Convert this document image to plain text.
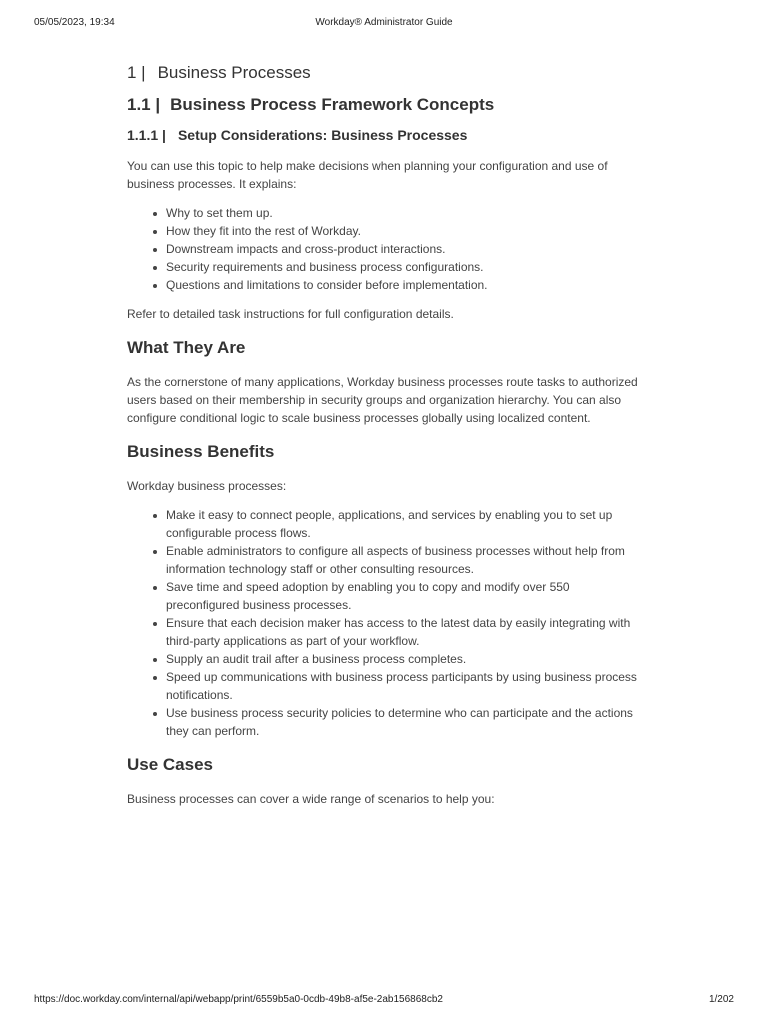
05/05/2023, 19:34	Workday® Administrator Guide
1 | Business Processes
1.1 | Business Process Framework Concepts
1.1.1 | Setup Considerations: Business Processes

You can use this topic to help make decisions when planning your configuration and use of business processes. It explains:

Why to set them up.
How they fit into the rest of Workday.
Downstream impacts and cross-product interactions.
Security requirements and business process configurations.
Questions and limitations to consider before implementation.

Refer to detailed task instructions for full configuration details.

What They Are

As the cornerstone of many applications, Workday business processes route tasks to authorized users based on their membership in security groups and organization hierarchy. You can also configure conditional logic to scale business processes globally using localized content.

Business Benefits

Workday business processes:

Make it easy to connect people, applications, and services by enabling you to set up configurable process flows.
Enable administrators to configure all aspects of business processes without help from information technology staff or other consulting resources.
Save time and speed adoption by enabling you to copy and modify over 550 preconfigured business processes.
Ensure that each decision maker has access to the latest data by easily integrating with third-party applications as part of your workflow.
Supply an audit trail after a business process completes.
Speed up communications with business process participants by using business process notifications.
Use business process security policies to determine who can participate and the actions they can perform.
Use Cases

Business processes can cover a wide range of scenarios to help you:

https://doc.workday.com/internal/api/webapp/print/6559b5a0-0cdb-49b8-af5e-2ab156868cb2	1/202
